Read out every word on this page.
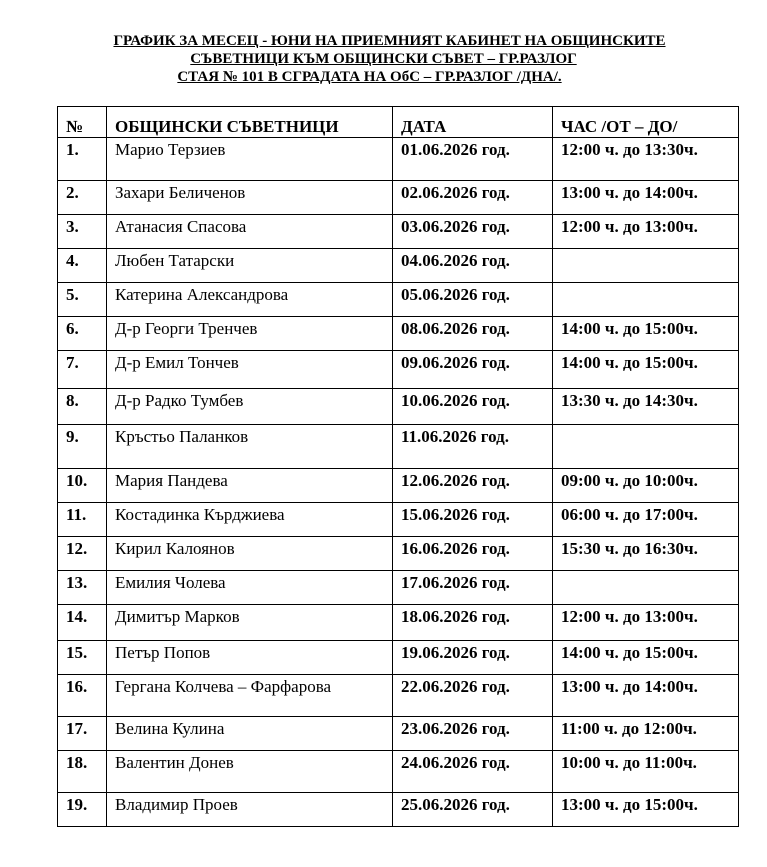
ГРАФИК ЗА МЕСЕЦ - ЮНИ НА ПРИЕМНИЯТ КАБИНЕТ НА ОБЩИНСКИТЕ
СЪВЕТНИЦИ КЪМ ОБЩИНСКИ СЪВЕТ – ГР.РАЗЛОГ
СТАЯ № 101 В СГРАДАТА НА ОбС – ГР.РАЗЛОГ /ДНА/.
№	ОБЩИНСКИ СЪВЕТНИЦИ	ДАТА	ЧАС /ОТ – ДО/
1.	Марио Терзиев	01.06.2026 год.	12:00 ч. до 13:30ч.
2.	Захари Беличенов	02.06.2026 год.	13:00 ч. до 14:00ч.
3.	Атанасия Спасова	03.06.2026 год.	12:00 ч. до 13:00ч.
4.	Любен Татарски	04.06.2026 год.	
5.	Катерина Александрова	05.06.2026 год.	
6.	Д-р Георги Тренчев	08.06.2026 год.	14:00 ч. до 15:00ч.
7.	Д-р Емил Тончев	09.06.2026 год.	14:00 ч. до 15:00ч.
8.	Д-р Радко Тумбев	10.06.2026 год.	13:30 ч. до 14:30ч.
9.	Кръстьо Паланков	11.06.2026 год.	
10.	Мария Пандева	12.06.2026 год.	09:00 ч. до 10:00ч.
11.	Костадинка Кърджиева	15.06.2026 год.	06:00 ч. до 17:00ч.
12.	Кирил Калоянов	16.06.2026 год.	15:30 ч. до 16:30ч.
13.	Емилия Чолева	17.06.2026 год.	
14.	Димитър Марков	18.06.2026 год.	12:00 ч. до 13:00ч.
15.	Петър Попов	19.06.2026 год.	14:00 ч. до 15:00ч.
16.	Гергана Колчева – Фарфарова	22.06.2026 год.	13:00 ч. до 14:00ч.
17.	Велина Кулина	23.06.2026 год.	11:00 ч. до 12:00ч.
18.	Валентин Донев	24.06.2026 год.	10:00 ч. до 11:00ч.
19.	Владимир Проев	25.06.2026 год.	13:00 ч. до 15:00ч.
